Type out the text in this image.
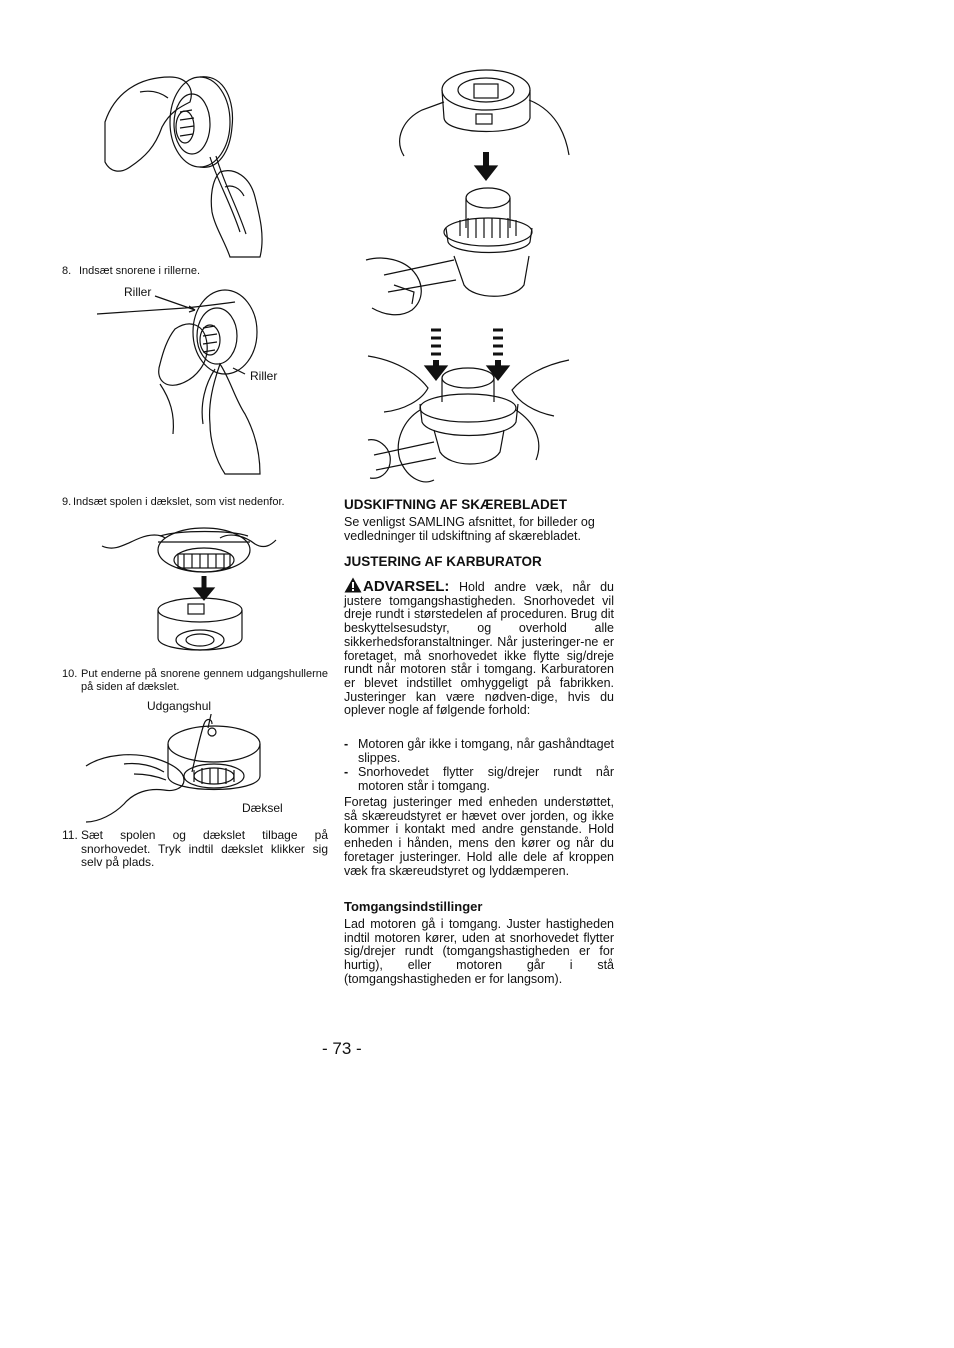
8. Indsæt snorene i rillerne.
Riller
Riller
9. Indsæt spolen i dækslet, som vist nedenfor.
10. Put enderne på snorene gennem udgangshullerne på siden af dækslet.
Udgangshul
Dæksel
11. Sæt spolen og dækslet tilbage på snorhovedet. Tryk indtil dækslet klikker sig selv på plads.
UDSKIFTNING AF SKÆREBLADET

Se venligst SAMLING afsnittet, for billeder og vedledninger til udskiftning af skærebladet.

JUSTERING AF KARBURATOR

ADVARSEL: Hold andre væk, når du justere tomgangshastigheden. Snorhovedet vil dreje rundt i størstedelen af proceduren. Brug dit beskyttelsesudstyr, og overhold alle sikkerhedsforanstaltninger. Når justeringer-ne er foretaget, må snorhovedet ikke flytte sig/dreje rundt når motoren står i tomgang. Karburatoren er blevet indstillet omhyggeligt på fabrikken. Justeringer kan være nødven-dige, hvis du oplever nogle af følgende forhold:

- Motoren går ikke i tomgang, når gashåndtaget slippes.
- Snorhovedet flytter sig/drejer rundt når motoren står i tomgang.

Foretag justeringer med enheden understøttet, så skæreudstyret er hævet over jorden, og ikke kommer i kontakt med andre genstande. Hold enheden i hånden, mens den kører og når du foretager justeringer. Hold alle dele af kroppen væk fra skæreudstyret og lyddæmperen.

Tomgangsindstillinger

Lad motoren gå i tomgang. Juster hastigheden indtil motoren kører, uden at snorhovedet flytter sig/drejer rundt (tomgangshastigheden er for hurtig), eller motoren går i stå (tomgangshastigheden er for langsom).

- 73 -
